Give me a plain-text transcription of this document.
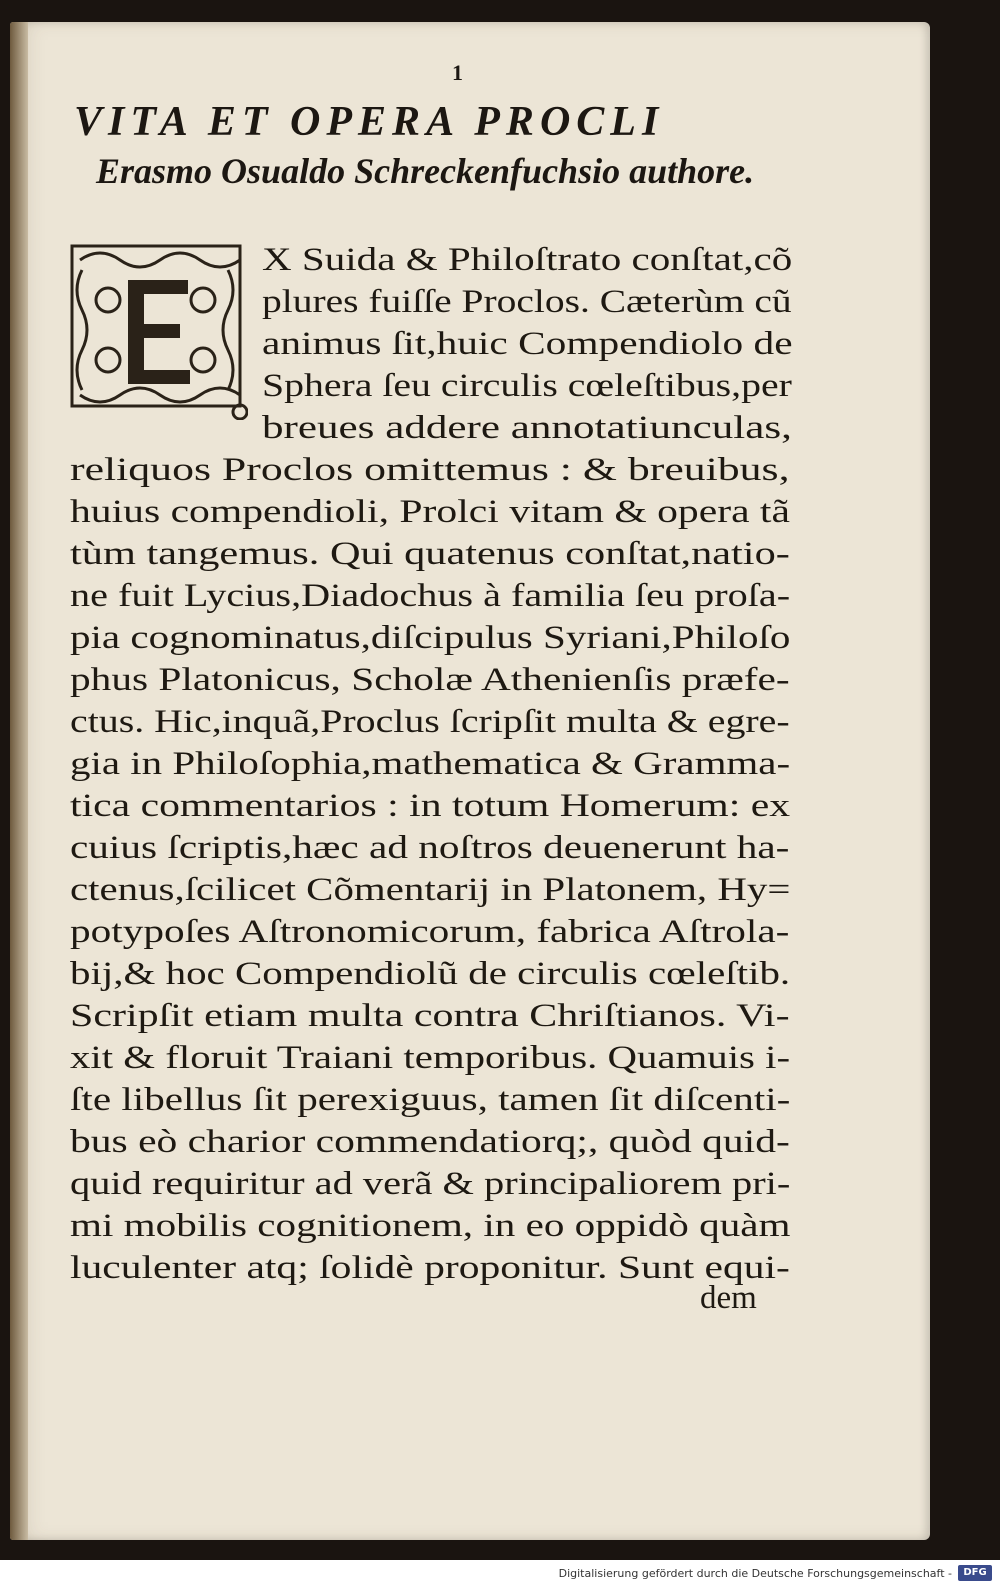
1
VITA ET OPERA PROCLI
Erasmo Osualdo Schreckenfuchsio authore.
X Suida & Philoſtrato conſtat,cõ
plures fuiſſe Proclos. Cæterùm cũ
animus ſit,huic Compendiolo de
Sphera ſeu circulis cœleſtibus,per
breues addere annotatiunculas,
reliquos Proclos omittemus : & breuibus,
huius compendioli, Prolci vitam & opera tã
tùm tangemus. Qui quatenus conſtat,natio-
ne fuit Lycius,Diadochus à familia ſeu proſa-
pia cognominatus,diſcipulus Syriani,Philoſo
phus Platonicus, Scholæ Athenienſis præfe-
ctus. Hic,inquã,Proclus ſcripſit multa & egre-
gia in Philoſophia,mathematica & Gramma-
tica commentarios : in totum Homerum: ex
cuius ſcriptis,hæc ad noſtros deuenerunt ha-
ctenus,ſcilicet Cõmentarij in Platonem, Hy=
potypoſes Aſtronomicorum, fabrica Aſtrola-
bij,& hoc Compendiolũ de circulis cœleſtib.
Scripſit etiam multa contra Chriſtianos. Vi-
xit & floruit Traiani temporibus. Quamuis i-
ſte libellus ſit perexiguus, tamen ſit diſcenti-
bus eò charior commendatiorq;, quòd quid-
quid requiritur ad verã & principaliorem pri-
mi mobilis cognitionem, in eo oppidò quàm
luculenter atq; ſolidè proponitur. Sunt equi-
dem
Digitalisierung gefördert durch die Deutsche Forschungsgemeinschaft -	DFG
